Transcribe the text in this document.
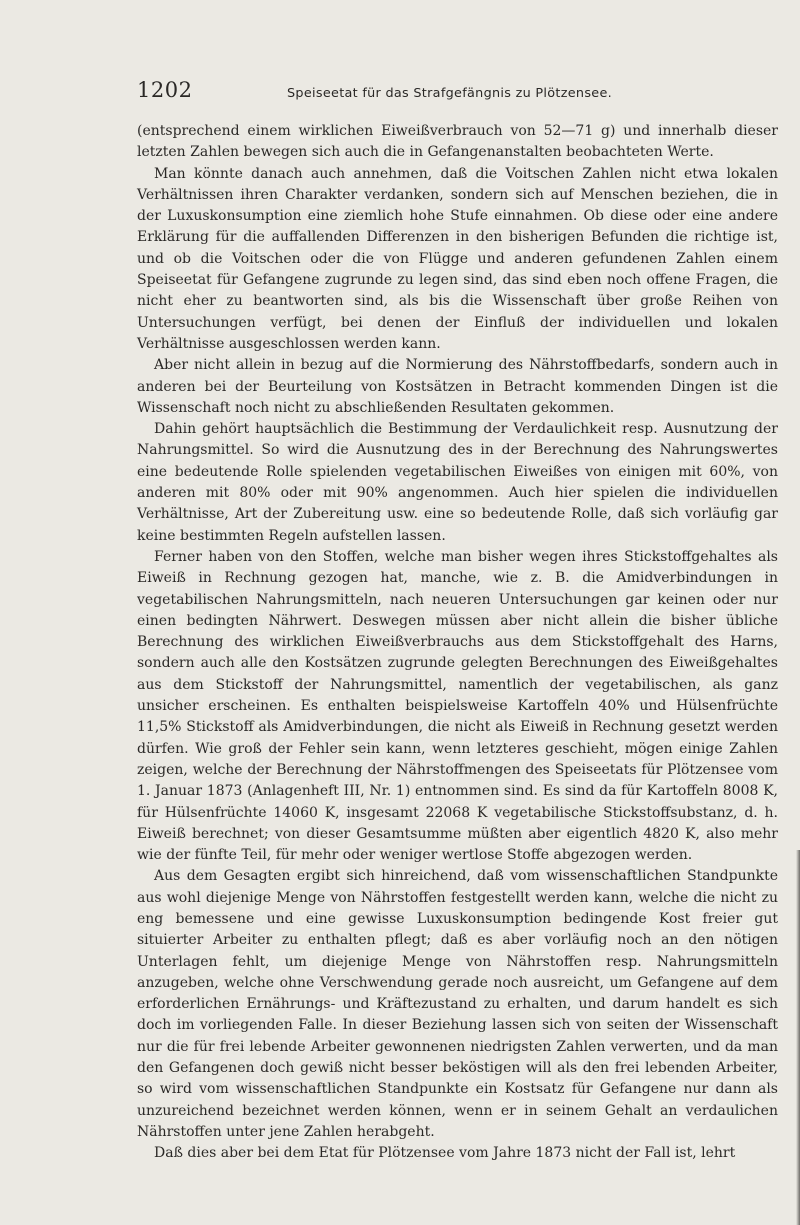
1202	Speiseetat für das Strafgefängnis zu Plötzensee.

(entsprechend einem wirklichen Eiweißverbrauch von 52—71 g) und innerhalb dieser letzten Zahlen bewegen sich auch die in Gefangenanstalten beobachteten Werte.

Man könnte danach auch annehmen, daß die Voitschen Zahlen nicht etwa lokalen Verhältnissen ihren Charakter verdanken, sondern sich auf Menschen beziehen, die in der Luxuskonsumption eine ziemlich hohe Stufe einnahmen. Ob diese oder eine andere Erklärung für die auffallenden Differenzen in den bisherigen Befunden die richtige ist, und ob die Voitschen oder die von Flügge und anderen gefundenen Zahlen einem Speiseetat für Gefangene zugrunde zu legen sind, das sind eben noch offene Fragen, die nicht eher zu beantworten sind, als bis die Wissenschaft über große Reihen von Untersuchungen verfügt, bei denen der Einfluß der individuellen und lokalen Verhältnisse ausgeschlossen werden kann.

Aber nicht allein in bezug auf die Normierung des Nährstoffbedarfs, sondern auch in anderen bei der Beurteilung von Kostsätzen in Betracht kommenden Dingen ist die Wissenschaft noch nicht zu abschließenden Resultaten gekommen.

Dahin gehört hauptsächlich die Bestimmung der Verdaulichkeit resp. Ausnutzung der Nahrungsmittel. So wird die Ausnutzung des in der Berechnung des Nahrungswertes eine bedeutende Rolle spielenden vegetabilischen Eiweißes von einigen mit 60%, von anderen mit 80% oder mit 90% angenommen. Auch hier spielen die individuellen Verhältnisse, Art der Zubereitung usw. eine so bedeutende Rolle, daß sich vorläufig gar keine bestimmten Regeln aufstellen lassen.

Ferner haben von den Stoffen, welche man bisher wegen ihres Stickstoffgehaltes als Eiweiß in Rechnung gezogen hat, manche, wie z. B. die Amidverbindungen in vegetabilischen Nahrungsmitteln, nach neueren Untersuchungen gar keinen oder nur einen bedingten Nährwert. Deswegen müssen aber nicht allein die bisher übliche Berechnung des wirklichen Eiweißverbrauchs aus dem Stickstoffgehalt des Harns, sondern auch alle den Kostsätzen zugrunde gelegten Berechnungen des Eiweißgehaltes aus dem Stickstoff der Nahrungsmittel, namentlich der vegetabilischen, als ganz unsicher erscheinen. Es enthalten beispielsweise Kartoffeln 40% und Hülsenfrüchte 11,5% Stickstoff als Amidverbindungen, die nicht als Eiweiß in Rechnung gesetzt werden dürfen. Wie groß der Fehler sein kann, wenn letzteres geschieht, mögen einige Zahlen zeigen, welche der Berechnung der Nährstoffmengen des Speiseetats für Plötzensee vom 1. Januar 1873 (Anlagenheft III, Nr. 1) entnommen sind. Es sind da für Kartoffeln 8008 K, für Hülsenfrüchte 14060 K, insgesamt 22068 K vegetabilische Stickstoffsubstanz, d. h. Eiweiß berechnet; von dieser Gesamtsumme müßten aber eigentlich 4820 K, also mehr wie der fünfte Teil, für mehr oder weniger wertlose Stoffe abgezogen werden.

Aus dem Gesagten ergibt sich hinreichend, daß vom wissenschaftlichen Standpunkte aus wohl diejenige Menge von Nährstoffen festgestellt werden kann, welche die nicht zu eng bemessene und eine gewisse Luxuskonsumption bedingende Kost freier gut situierter Arbeiter zu enthalten pflegt; daß es aber vorläufig noch an den nötigen Unterlagen fehlt, um diejenige Menge von Nährstoffen resp. Nahrungsmitteln anzugeben, welche ohne Verschwendung gerade noch ausreicht, um Gefangene auf dem erforderlichen Ernährungs- und Kräftezustand zu erhalten, und darum handelt es sich doch im vorliegenden Falle. In dieser Beziehung lassen sich von seiten der Wissenschaft nur die für frei lebende Arbeiter gewonnenen niedrigsten Zahlen verwerten, und da man den Gefangenen doch gewiß nicht besser beköstigen will als den frei lebenden Arbeiter, so wird vom wissenschaftlichen Standpunkte ein Kostsatz für Gefangene nur dann als unzureichend bezeichnet werden können, wenn er in seinem Gehalt an verdaulichen Nährstoffen unter jene Zahlen herabgeht.

Daß dies aber bei dem Etat für Plötzensee vom Jahre 1873 nicht der Fall ist, lehrt
